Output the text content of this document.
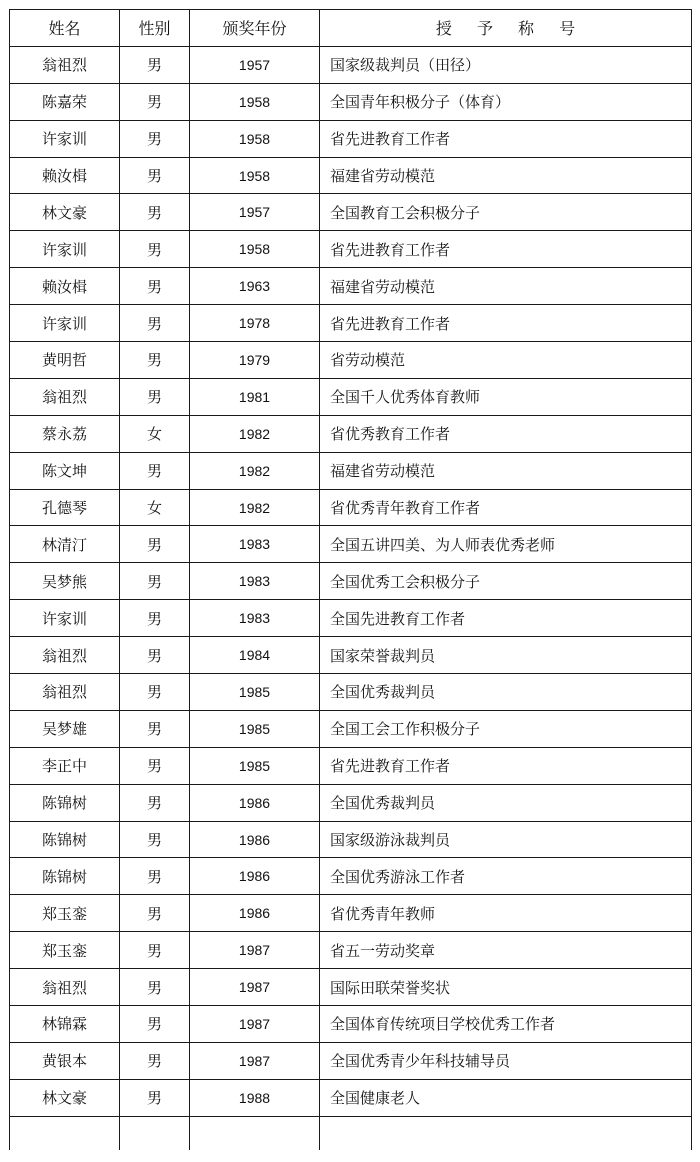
姓名	性别	颁奖年份	授 予 称 号
翁祖烈	男	1957	国家级裁判员（田径）
陈嘉荣	男	1958	全国青年积极分子（体育）
许家训	男	1958	省先进教育工作者
赖汝楫	男	1958	福建省劳动模范
林文豪	男	1957	全国教育工会积极分子
许家训	男	1958	省先进教育工作者
赖汝楫	男	1963	福建省劳动模范
许家训	男	1978	省先进教育工作者
黄明哲	男	1979	省劳动模范
翁祖烈	男	1981	全国千人优秀体育教师
蔡永荔	女	1982	省优秀教育工作者
陈文坤	男	1982	福建省劳动模范
孔德琴	女	1982	省优秀青年教育工作者
林清汀	男	1983	全国五讲四美、为人师表优秀老师
吴梦熊	男	1983	全国优秀工会积极分子
许家训	男	1983	全国先进教育工作者
翁祖烈	男	1984	国家荣誉裁判员
翁祖烈	男	1985	全国优秀裁判员
吴梦雄	男	1985	全国工会工作积极分子
李正中	男	1985	省先进教育工作者
陈锦树	男	1986	全国优秀裁判员
陈锦树	男	1986	国家级游泳裁判员
陈锦树	男	1986	全国优秀游泳工作者
郑玉銮	男	1986	省优秀青年教师
郑玉銮	男	1987	省五一劳动奖章
翁祖烈	男	1987	国际田联荣誉奖状
林锦霖	男	1987	全国体育传统项目学校优秀工作者
黄银本	男	1987	全国优秀青少年科技辅导员
林文豪	男	1988	全国健康老人
